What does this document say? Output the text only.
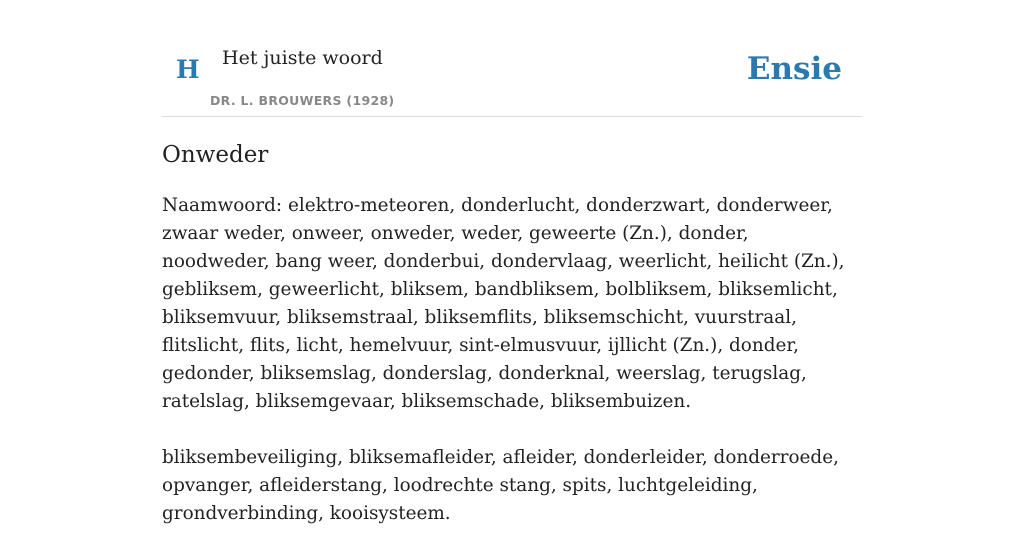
H Het juiste woord
DR. L. BROUWERS (1928)
Ensie
Onweder

Naamwoord: elektro-meteoren, donderlucht, donderzwart, donderweer, zwaar weder, onweer, onweder, weder, geweerte (Zn.), donder, noodweder, bang weer, donderbui, dondervlaag, weerlicht, heilicht (Zn.), gebliksem, geweerlicht, bliksem, bandbliksem, bolbliksem, bliksemlicht, bliksemvuur, bliksemstraal, bliksemflits, bliksemschicht, vuurstraal, flitslicht, flits, licht, hemelvuur, sint-elmusvuur, ijllicht (Zn.), donder, gedonder, bliksemslag, donderslag, donderknal, weerslag, terugslag, ratelslag, bliksemgevaar, bliksemschade, bliksembuizen.

bliksembeveiliging, bliksemafleider, afleider, donderleider, donderroede, opvanger, afleiderstang, loodrechte stang, spits, luchtgeleiding, grondverbinding, kooisysteem.
